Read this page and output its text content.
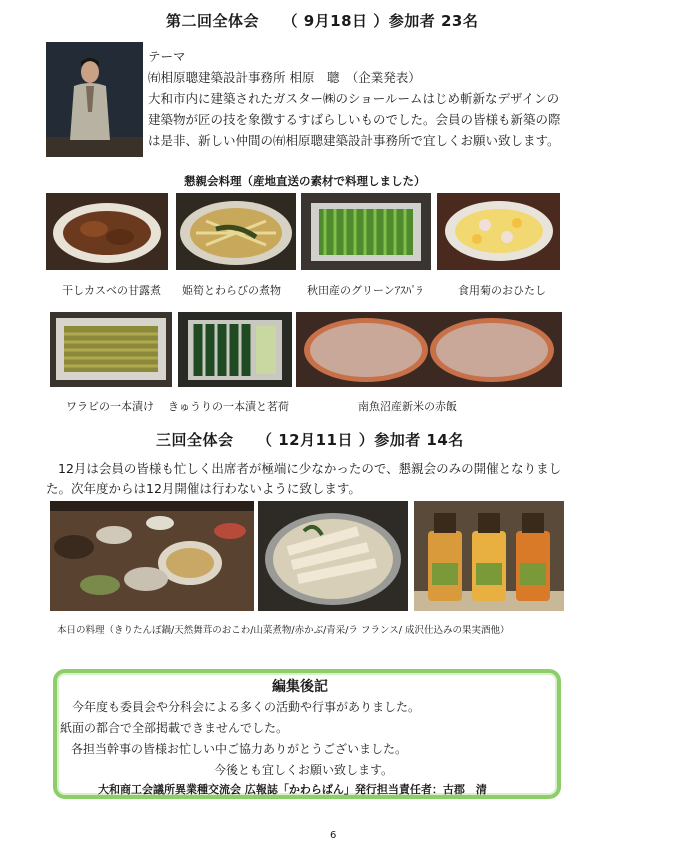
第二回全体会　　（ 9月18日 ）参加者 23名
テーマ
㈲相原聰建築設計事務所 相原　聰　（企業発表）
大和市内に建築されたガスター㈱のショールームはじめ斬新なデザインの
建築物が匠の技を象徴するすばらしいものでした。会員の皆様も新築の際
は是非、新しい仲間の㈲相原聰建築設計事務所で宜しくお願い致します。
懇親会料理（産地直送の素材で料理しました）
干しカスベの甘露煮 姫筍とわらびの煮物 秋田産のグリーンｱｽﾊﾟﾗ	食用菊のおひたし
ワラビの一本漬け きゅうりの一本漬と茗荷	南魚沼産新米の赤飯
三回全体会　　（ 12月11日 ）参加者 14名
12月は会員の皆様も忙しく出席者が極端に少なかったので、懇親会のみの開催となりまし
た。次年度からは12月開催は行わないように致します。
本日の料理（きりたんぽ鍋/天然舞茸のおこわ/山菜煮物/赤かぶ/青采/ラ フランス/ 成沢仕込みの果実酒他）
編集後記
今年度も委員会や分科会による多くの活動や行事がありました。
紙面の都合で全部掲載できませんでした。
各担当幹事の皆様お忙しい中ご協力ありがとうございました。
今後とも宜しくお願い致します。
大和商工会議所異業種交流会 広報誌「かわらばん」発行担当責任者：古郡　清
6
